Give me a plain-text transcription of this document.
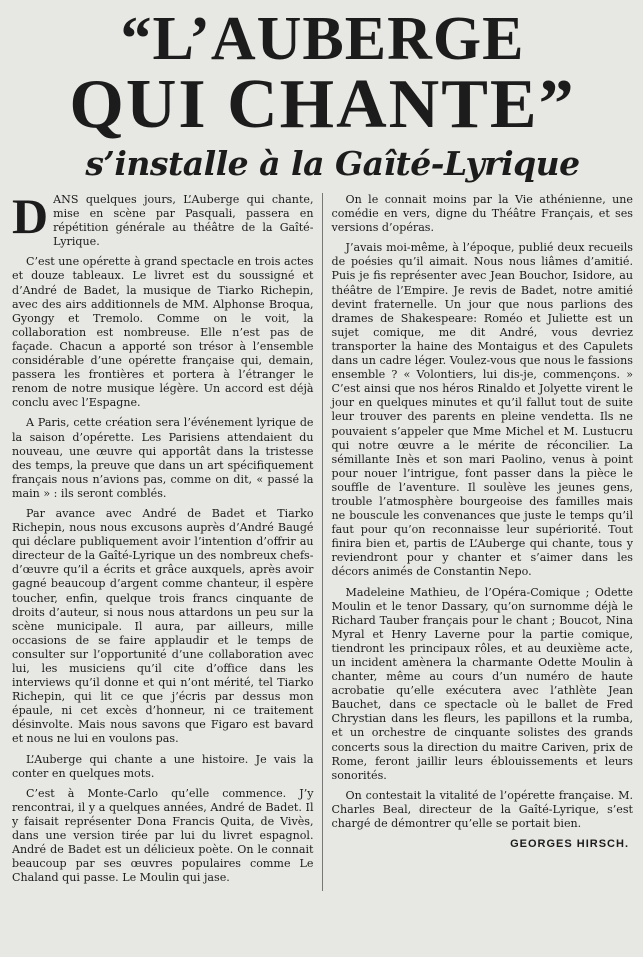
“L’AUBERGE
QUI CHANTE”
s’installe à la Gaîté-Lyrique

DANS quelques jours, L’Auberge qui chante, mise en scène par Pasquali, passera en répétition générale au théâtre de la Gaîté-Lyrique.

C’est une opérette à grand spectacle en trois actes et douze tableaux. Le livret est du soussigné et d’André de Badet, la musique de Tiarko Richepin, avec des airs additionnels de MM. Alphonse Broqua, Gyongy et Tremolo. Comme on le voit, la collaboration est nombreuse. Elle n’est pas de façade. Chacun a apporté son trésor à l’ensemble considérable d’une opérette française qui, demain, passera les frontières et portera à l’étranger le renom de notre musique légère. Un accord est déjà conclu avec l’Espagne.

A Paris, cette création sera l’événement lyrique de la saison d’opérette. Les Parisiens attendaient du nouveau, une œuvre qui apportât dans la tristesse des temps, la preuve que dans un art spécifiquement français nous n’avions pas, comme on dit, « passé la main » : ils seront comblés.

Par avance avec André de Badet et Tiarko Richepin, nous nous excusons auprès d’André Baugé qui déclare publiquement avoir l’intention d’offrir au directeur de la Gaîté-Lyrique un des nombreux chefs-d’œuvre qu’il a écrits et grâce auxquels, après avoir gagné beaucoup d’argent comme chanteur, il espère toucher, enfin, quelque trois francs cinquante de droits d’auteur, si nous nous attardons un peu sur la scène municipale. Il aura, par ailleurs, mille occasions de se faire applaudir et le temps de consulter sur l’opportunité d’une collaboration avec lui, les musiciens qu’il cite d’office dans les interviews qu’il donne et qui n’ont mérité, tel Tiarko Richepin, qui lit ce que j’écris par dessus mon épaule, ni cet excès d’honneur, ni ce traitement désinvolte. Mais nous savons que Figaro est bavard et nous ne lui en voulons pas.

L’Auberge qui chante a une histoire. Je vais la conter en quelques mots.

C’est à Monte-Carlo qu’elle commence. J’y rencontrai, il y a quelques années, André de Badet. Il y faisait représenter Dona Francis Quita, de Vivès, dans une version tirée par lui du livret espagnol. André de Badet est un délicieux poète. On le connait beaucoup par ses œuvres populaires comme Le Chaland qui passe. Le Moulin qui jase.

On le connait moins par la Vie athénienne, une comédie en vers, digne du Théâtre Français, et ses versions d’opéras.

J’avais moi-même, à l’époque, publié deux recueils de poésies qu’il aimait. Nous nous liâmes d’amitié. Puis je fis représenter avec Jean Bouchor, Isidore, au théâtre de l’Empire. Je revis de Badet, notre amitié devint fraternelle. Un jour que nous parlions des drames de Shakespeare: Roméo et Juliette est un sujet comique, me dit André, vous devriez transporter la haine des Montaigus et des Capulets dans un cadre léger. Voulez-vous que nous le fassions ensemble ? « Volontiers, lui dis-je, commençons. » C’est ainsi que nos héros Rinaldo et Jolyette virent le jour en quelques minutes et qu’il fallut tout de suite leur trouver des parents en pleine vendetta. Ils ne pouvaient s’appeler que Mme Michel et M. Lustucru qui notre œuvre a le mérite de réconcilier. La sémillante Inès et son mari Paolino, venus à point pour nouer l’intrigue, font passer dans la pièce le souffle de l’aventure. Il soulève les jeunes gens, trouble l’atmosphère bourgeoise des familles mais ne bouscule les convenances que juste le temps qu’il faut pour qu’on reconnaisse leur supériorité. Tout finira bien et, partis de L’Auberge qui chante, tous y reviendront pour y chanter et s’aimer dans les décors animés de Constantin Nepo.

Madeleine Mathieu, de l’Opéra-Comique ; Odette Moulin et le tenor Dassary, qu’on surnomme déjà le Richard Tauber français pour le chant ; Boucot, Nina Myral et Henry Laverne pour la partie comique, tiendront les principaux rôles, et au deuxième acte, un incident amènera la charmante Odette Moulin à chanter, même au cours d’un numéro de haute acrobatie qu’elle exécutera avec l’athlète Jean Bauchet, dans ce spectacle où le ballet de Fred Chrystian dans les fleurs, les papillons et la rumba, et un orchestre de cinquante solistes des grands concerts sous la direction du maitre Cariven, prix de Rome, feront jaillir leurs éblouissements et leurs sonorités.

On contestait la vitalité de l’opérette française. M. Charles Beal, directeur de la Gaîté-Lyrique, s’est chargé de démontrer qu’elle se portait bien.

GEORGES HIRSCH.
